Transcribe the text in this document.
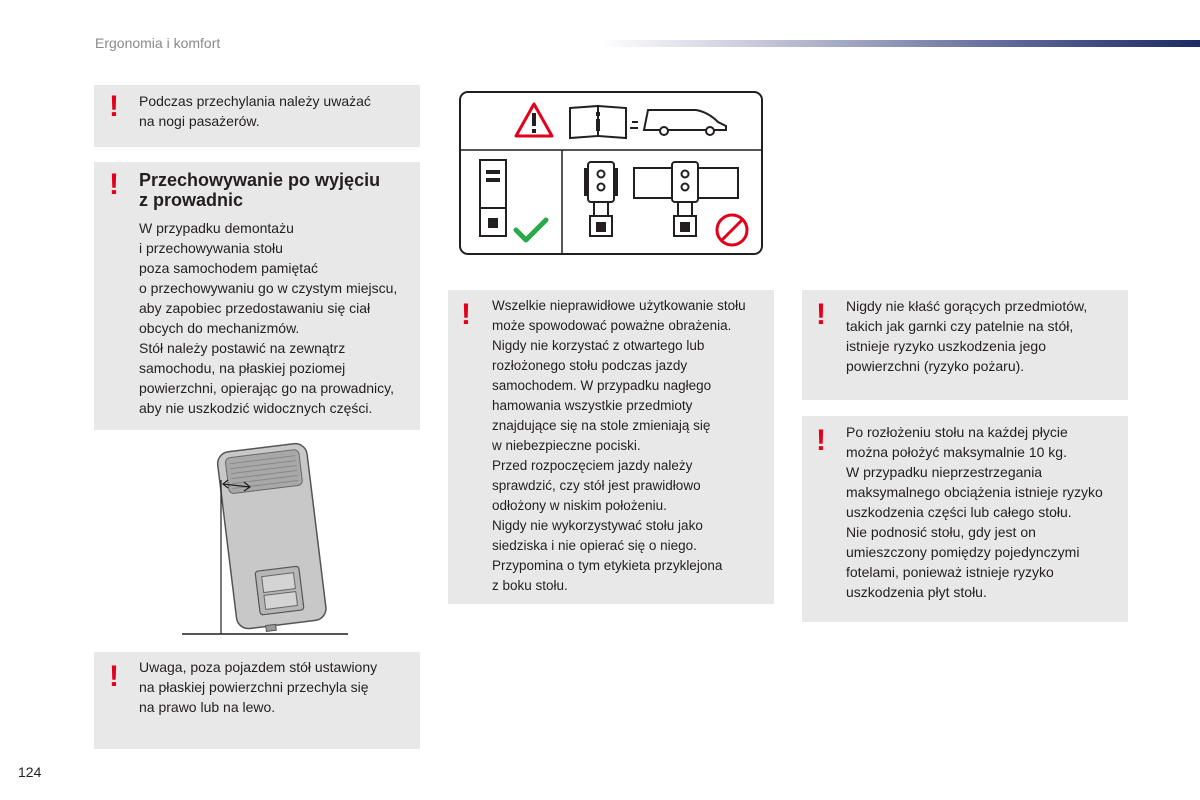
Ergonomia i komfort
! Podczas przechylania należy uważać
na nogi pasażerów.
! Przechowywanie po wyjęciu
z prowadnic
W przypadku demontażu
i przechowywania stołu
poza samochodem pamiętać
o przechowywaniu go w czystym miejscu,
aby zapobiec przedostawaniu się ciał
obcych do mechanizmów.
Stół należy postawić na zewnątrz
samochodu, na płaskiej poziomej
powierzchni, opierając go na prowadnicy,
aby nie uszkodzić widocznych części.
! Uwaga, poza pojazdem stół ustawiony
na płaskiej powierzchni przechyla się
na prawo lub na lewo.
! Wszelkie nieprawidłowe użytkowanie stołu
może spowodować poważne obrażenia.
Nigdy nie korzystać z otwartego lub
rozłożonego stołu podczas jazdy
samochodem. W przypadku nagłego
hamowania wszystkie przedmioty
znajdujące się na stole zmieniają się
w niebezpieczne pociski.
Przed rozpoczęciem jazdy należy
sprawdzić, czy stół jest prawidłowo
odłożony w niskim położeniu.
Nigdy nie wykorzystywać stołu jako
siedziska i nie opierać się o niego.
Przypomina o tym etykieta przyklejona
z boku stołu.
! Nigdy nie kłaść gorących przedmiotów,
takich jak garnki czy patelnie na stół,
istnieje ryzyko uszkodzenia jego
powierzchni (ryzyko pożaru).
! Po rozłożeniu stołu na każdej płycie
można położyć maksymalnie 10 kg.
W przypadku nieprzestrzegania
maksymalnego obciążenia istnieje ryzyko
uszkodzenia części lub całego stołu.
Nie podnosić stołu, gdy jest on
umieszczony pomiędzy pojedynczymi
fotelami, ponieważ istnieje ryzyko
uszkodzenia płyt stołu.
124
